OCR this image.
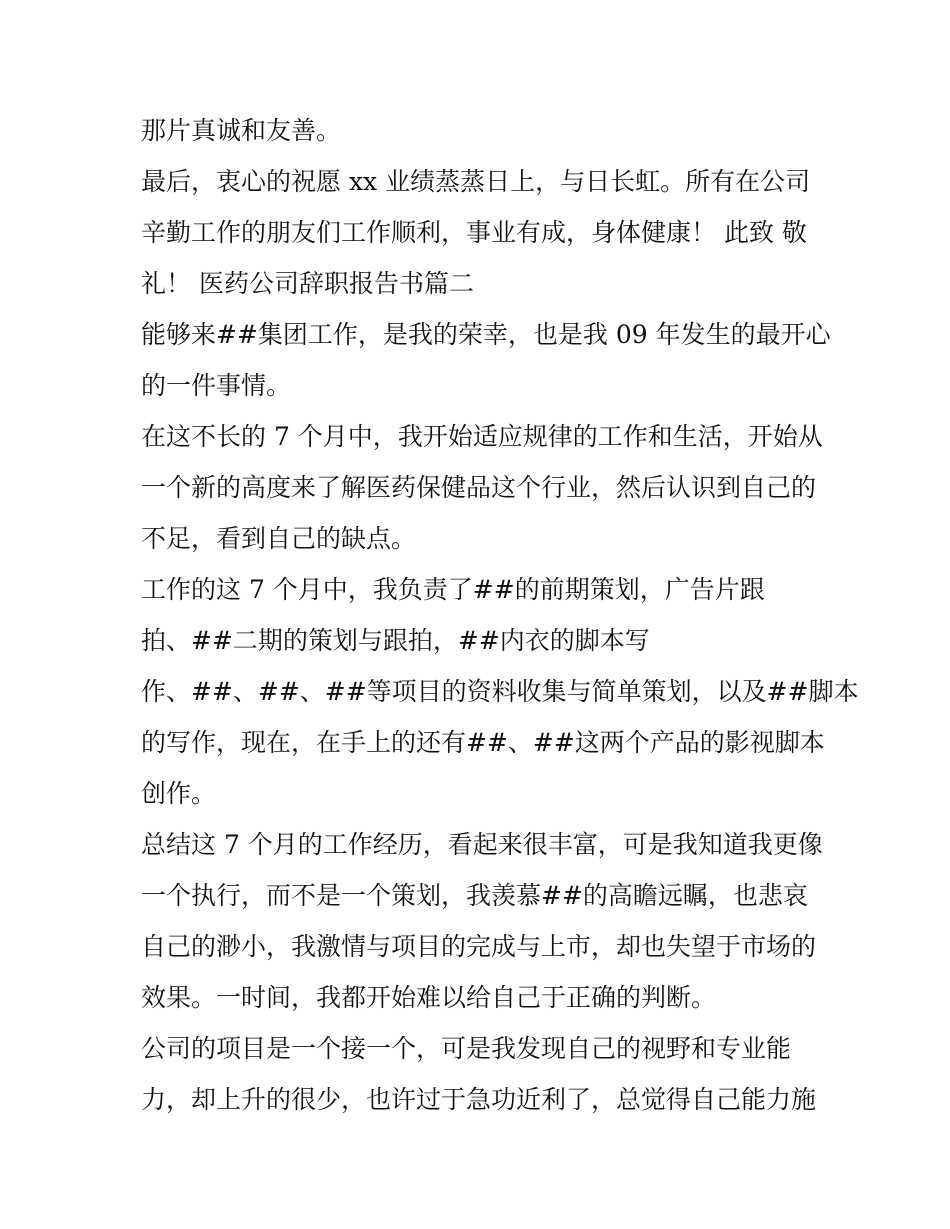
那片真诚和友善。
最后，衷心的祝愿 xx 业绩蒸蒸日上，与日长虹。所有在公司
辛勤工作的朋友们工作顺利，事业有成，身体健康！ 此致 敬
礼！ 医药公司辞职报告书篇二
能够来##集团工作，是我的荣幸，也是我 09 年发生的最开心
的一件事情。
在这不长的 7 个月中，我开始适应规律的工作和生活，开始从
一个新的高度来了解医药保健品这个行业，然后认识到自己的
不足，看到自己的缺点。
工作的这 7 个月中，我负责了##的前期策划，广告片跟
拍、##二期的策划与跟拍，##内衣的脚本写
作、##、##、##等项目的资料收集与简单策划，以及##脚本
的写作，现在，在手上的还有##、##这两个产品的影视脚本
创作。
总结这 7 个月的工作经历，看起来很丰富，可是我知道我更像
一个执行，而不是一个策划，我羡慕##的高瞻远瞩，也悲哀
自己的渺小，我激情与项目的完成与上市，却也失望于市场的
效果。一时间，我都开始难以给自己于正确的判断。
公司的项目是一个接一个，可是我发现自己的视野和专业能
力，却上升的很少，也许过于急功近利了，总觉得自己能力施
